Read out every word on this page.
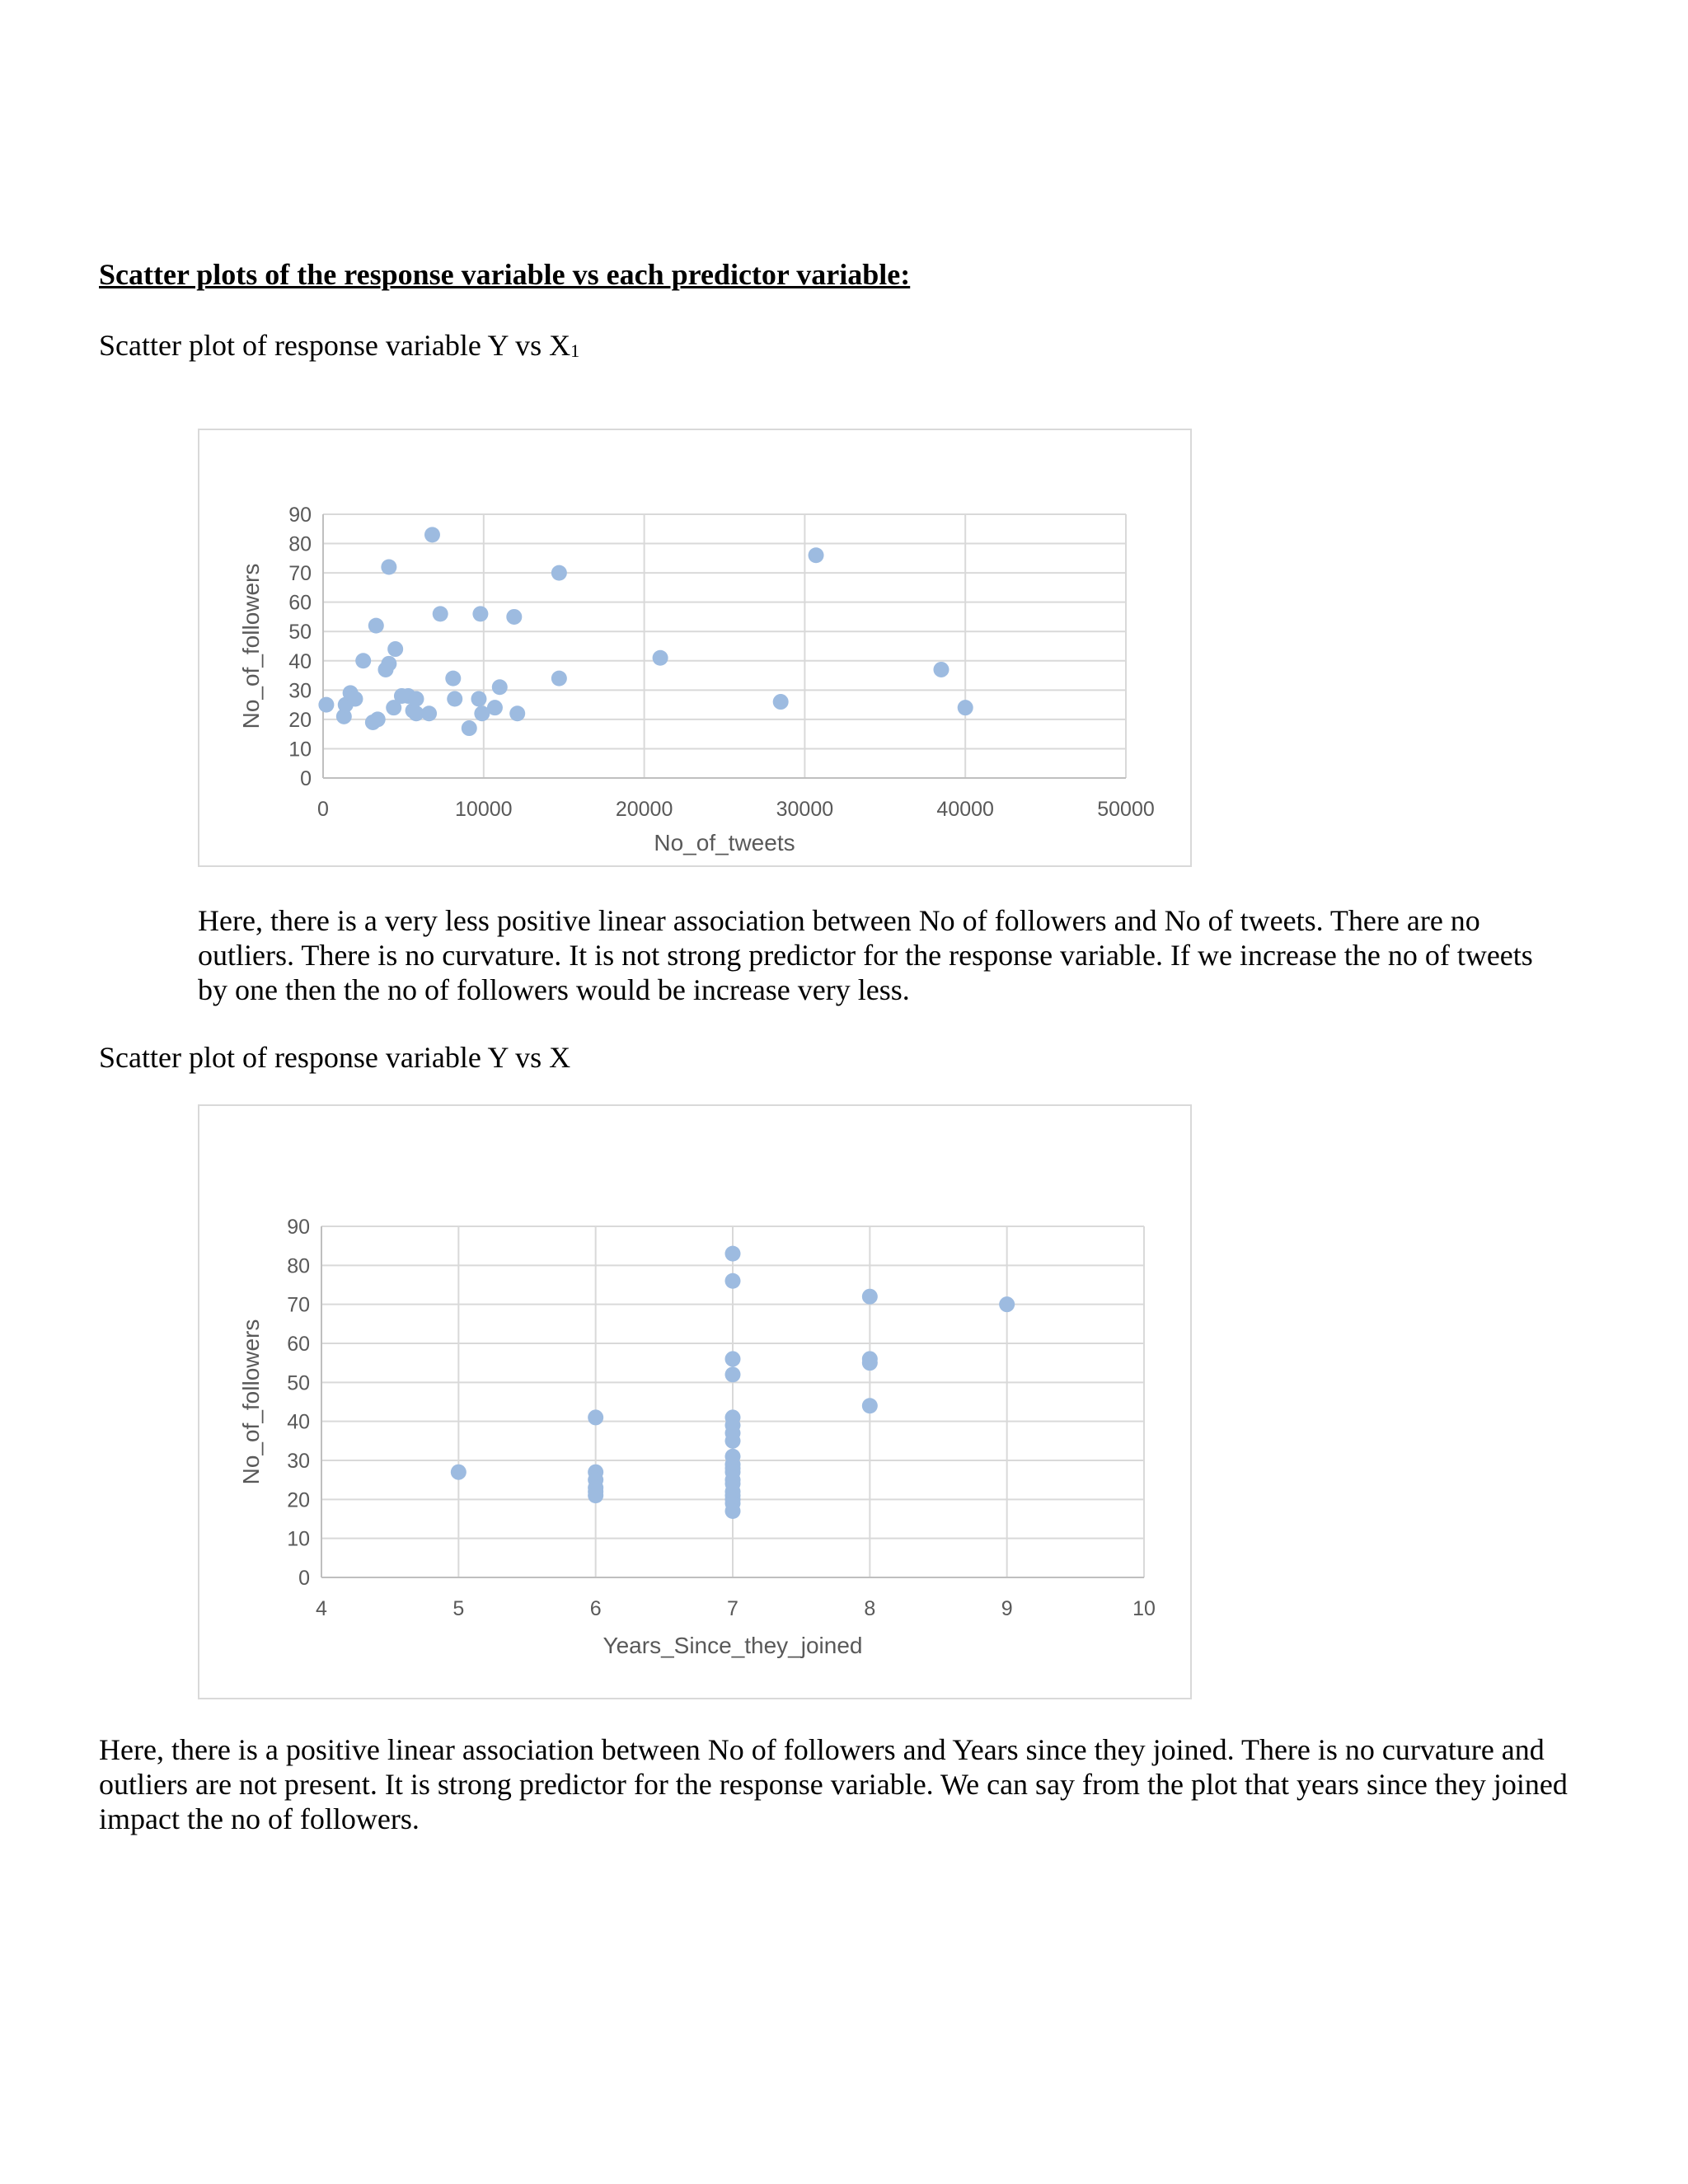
Scatter plots of the response variable vs each predictor variable:

Scatter plot of response variable Y vs $X_1$

0
10
20
30
40
50
60
70
80
90
0	10000	20000	30000	40000	50000
No_of_tweets
No_of_followers

Here, there is a very less positive linear association between No of followers and No of tweets. There are no outliers. There is no curvature. It is not strong predictor for the response variable. If we increase the no of tweets by one then the no of followers would be increase very less.

Scatter plot of response variable Y vs X

0
10
20
30
40
50
60
70
80
90
4	5	6	7	8	9	10
Years_Since_they_joined
No_of_followers

Here, there is a positive linear association between No of followers and Years since they joined. There is no curvature and outliers are not present. It is strong predictor for the response variable. We can say from the plot that years since they joined impact the no of followers.
